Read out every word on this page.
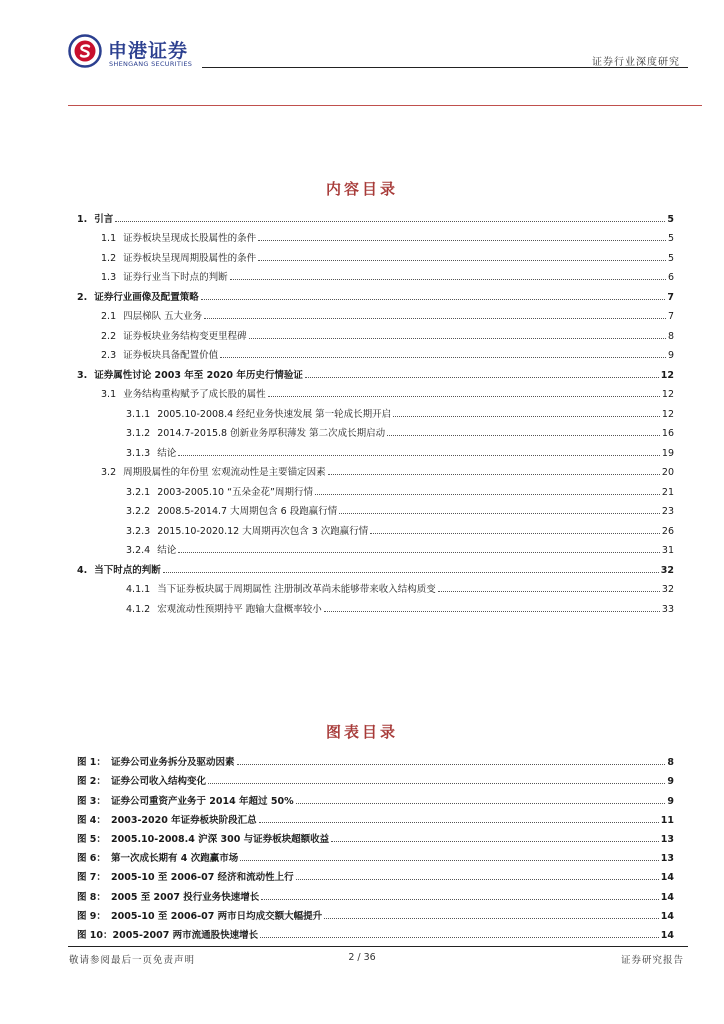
申港证券
SHENGANG SECURITIES	证券行业深度研究
内容目录
1. 引言	5
1.1 证券板块呈现成长股属性的条件	5
1.2 证券板块呈现周期股属性的条件	5
1.3 证券行业当下时点的判断	6
2. 证券行业画像及配置策略	7
2.1 四层梯队 五大业务	7
2.2 证券板块业务结构变更里程碑	8
2.3 证券板块具备配置价值	9
3. 证券属性讨论 2003 年至 2020 年历史行情验证	12
3.1 业务结构重构赋予了成长股的属性	12
3.1.1 2005.10-2008.4 经纪业务快速发展 第一轮成长期开启	12
3.1.2 2014.7-2015.8 创新业务厚积薄发 第二次成长期启动	16
3.1.3 结论	19
3.2 周期股属性的年份里 宏观流动性是主要锚定因素	20
3.2.1 2003-2005.10 “五朵金花”周期行情	21
3.2.2 2008.5-2014.7 大周期包含 6 段跑赢行情	23
3.2.3 2015.10-2020.12 大周期再次包含 3 次跑赢行情	26
3.2.4 结论	31
4. 当下时点的判断	32
4.1.1 当下证券板块属于周期属性 注册制改革尚未能够带来收入结构质变	32
4.1.2 宏观流动性预期持平 跑输大盘概率较小	33
图表目录
图 1： 证券公司业务拆分及驱动因素	8
图 2： 证券公司收入结构变化	9
图 3： 证券公司重资产业务于 2014 年超过 50%	9
图 4： 2003-2020 年证券板块阶段汇总	11
图 5： 2005.10-2008.4 沪深 300 与证券板块超额收益	13
图 6： 第一次成长期有 4 次跑赢市场	13
图 7： 2005-10 至 2006-07 经济和流动性上行	14
图 8： 2005 至 2007 投行业务快速增长	14
图 9： 2005-10 至 2006-07 两市日均成交额大幅提升	14
图 10： 2005-2007 两市流通股快速增长	14
敬请参阅最后一页免责声明	2 / 36	证券研究报告
